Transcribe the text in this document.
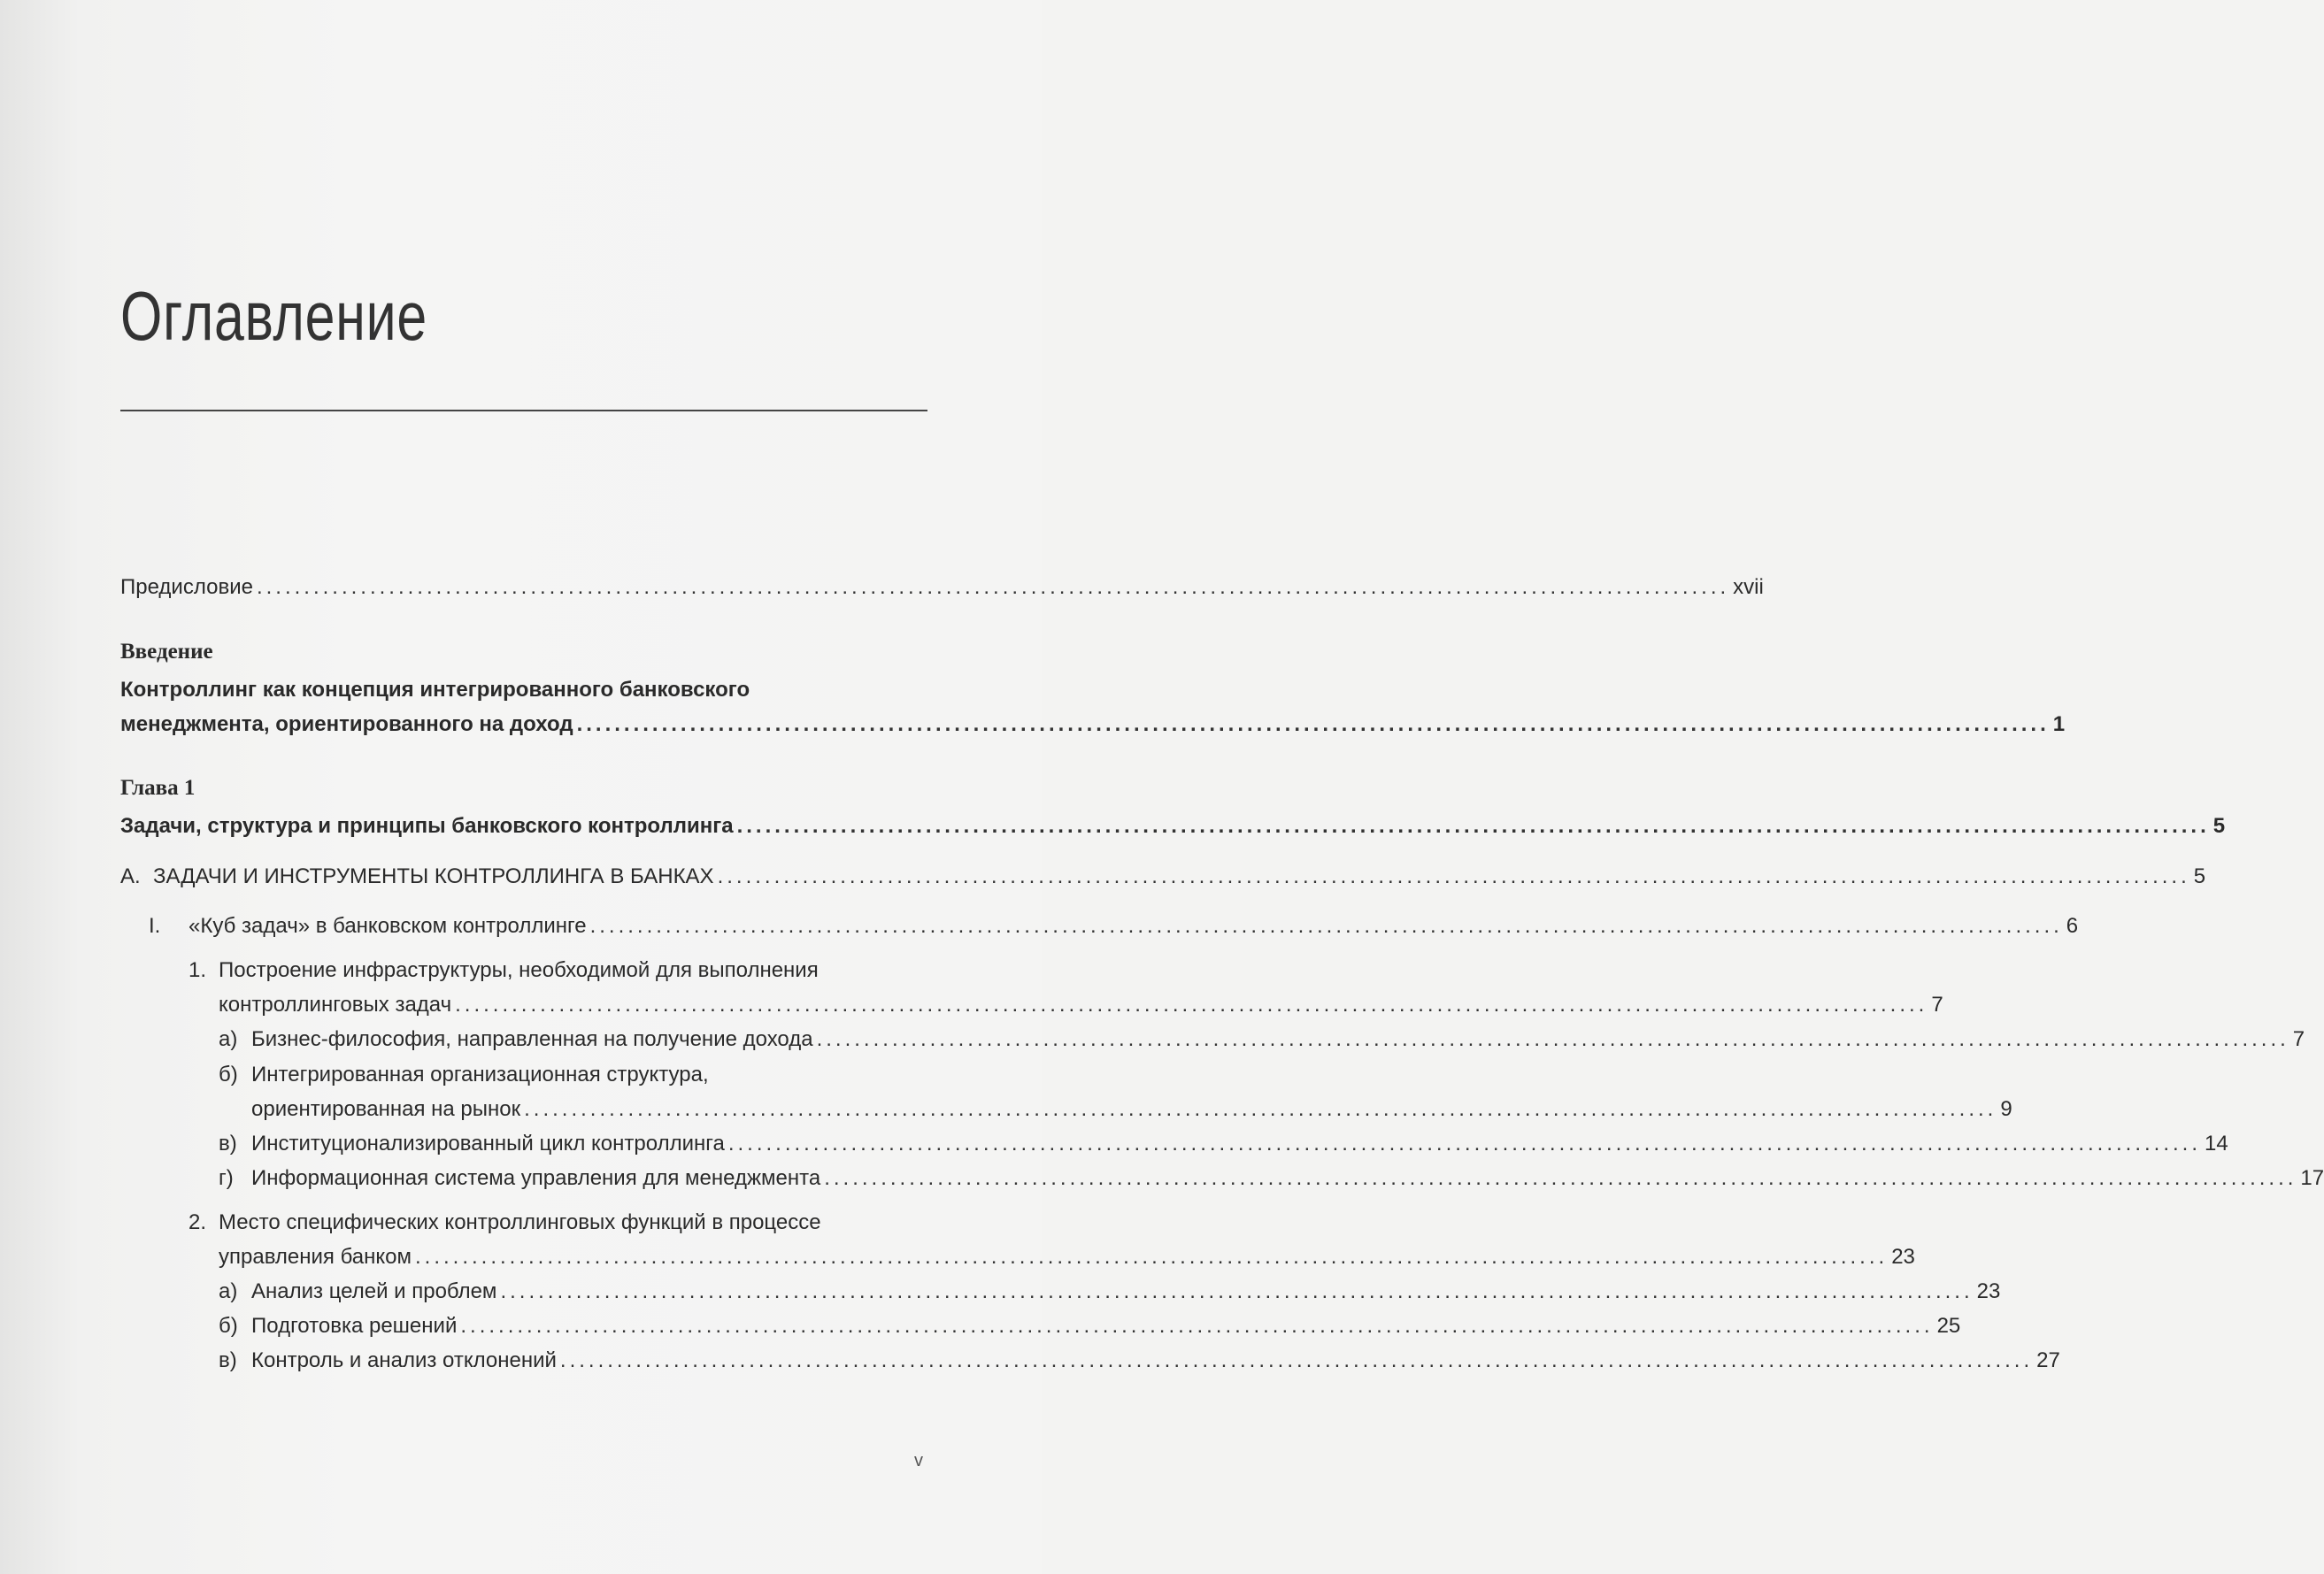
Оглавление
Предисловие ............................................................................................................................................................ xvii
Введение
Контроллинг как концепция интегрированного банковского
менеджмента, ориентированного на доход ............................................................................................................................................................ 1
Глава 1
Задачи, структура и принципы банковского контроллинга ............................................................................................................................................................ 5
А. ЗАДАЧИ И ИНСТРУМЕНТЫ КОНТРОЛЛИНГА В БАНКАХ ............................................................................................................................................................ 5
I. «Куб задач» в банковском контроллинге ............................................................................................................................................................ 6
1. Построение инфраструктуры, необходимой для выполнения
контроллинговых задач ............................................................................................................................................................ 7
а) Бизнес-философия, направленная на получение дохода ............................................................................................................................................................ 7
б) Интегрированная организационная структура,
ориентированная на рынок ............................................................................................................................................................ 9
в) Институционализированный цикл контроллинга ............................................................................................................................................................ 14
г) Информационная система управления для менеджмента ............................................................................................................................................................ 17
2. Место специфических контроллинговых функций в процессе
управления банком ............................................................................................................................................................ 23
а) Анализ целей и проблем ............................................................................................................................................................ 23
б) Подготовка решений ............................................................................................................................................................ 25
в) Контроль и анализ отклонений ............................................................................................................................................................ 27
v
